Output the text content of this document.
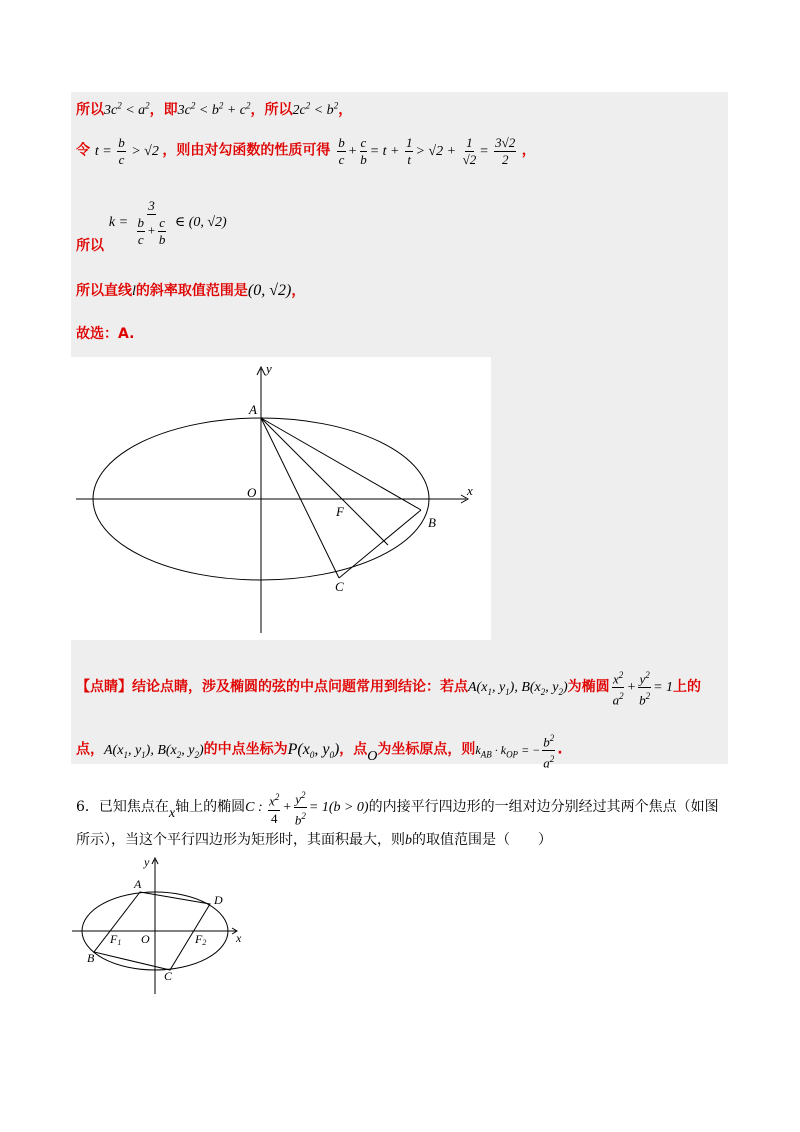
所以$3c^2 < a^2$，即$3c^2 < b^2 + c^2$，所以$2c^2 < b^2$，
令 $t = \frac{b}{c} > √2$ ，则由对勾函数的性质可得 $\frac{b}{c} + \frac{c}{b} = t + \frac{1}{t} > √2 + \frac{1}{√2} = \frac{3√2}{2}$ ，
所以 $k = \frac{3}{\frac{b}{c} + \frac{c}{b}}$ ∈ (0, √2)
所以直线l的斜率取值范围是(0, √2)，
故选：A.
y
x
A
O
F
B
C
【点睛】结论点睛，涉及椭圆的弦的中点问题常用到结论：若点$A(x_1$, $y_1$), $B(x_2$, $y_2$)为椭圆 $\frac{x^2}{a^2} + \frac{y^2}{b^2} = 1$上的
点，$A(x_1$, $y_1$), $B(x_2$, $y_2$)的中点坐标为$P(x_0$, $y_0$)，点O为坐标原点，则$k_{AB} \cdot k_{OP}$ = − $\frac{b^2}{a^2}$ .
6．已知焦点在x轴上的椭圆C : $\frac{x^2}{4} + \frac{y^2}{b^2} = 1(b > 0)$的内接平行四边形的一组对边分别经过其两个焦点（如图
所示），当这个平行四边形为矩形时，其面积最大，则b的取值范围是（　　）
y
x
A
D
B
C
O
F1	F2
